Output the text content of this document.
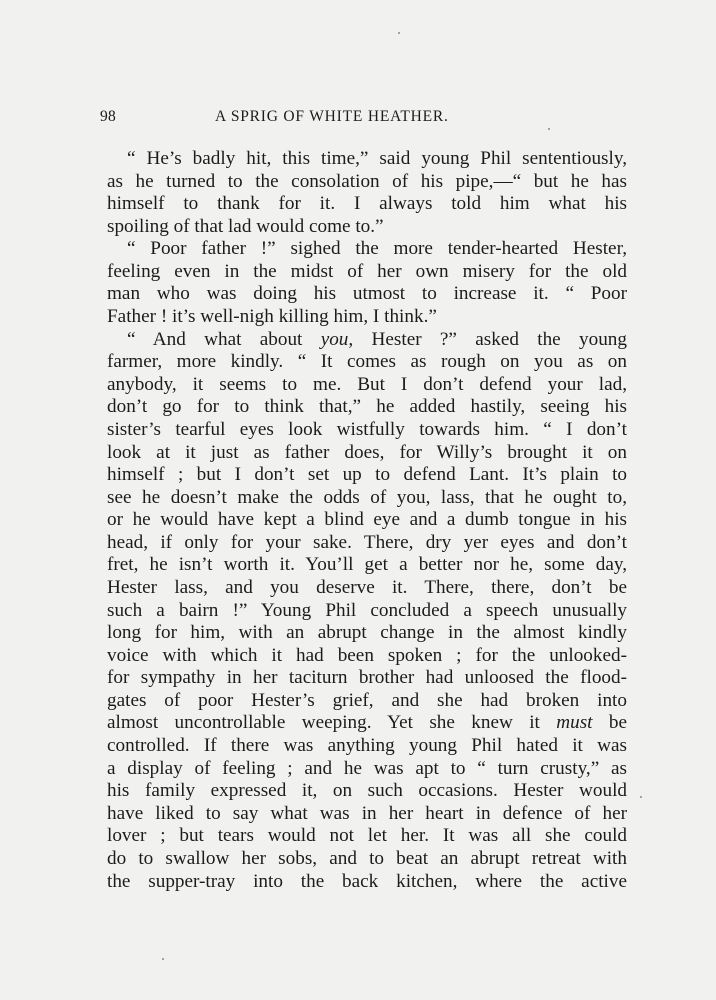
98	A SPRIG OF WHITE HEATHER.
“ He’s badly hit, this time,” said young Phil sententiously,
as he turned to the consolation of his pipe,—“ but he has
himself to thank for it. I always told him what his
spoiling of that lad would come to.”
“ Poor father !” sighed the more tender-hearted Hester,
feeling even in the midst of her own misery for the old
man who was doing his utmost to increase it. “ Poor
Father ! it’s well-nigh killing him, I think.”
“ And what about you, Hester ?” asked the young
farmer, more kindly. “ It comes as rough on you as on
anybody, it seems to me. But I don’t defend your lad,
don’t go for to think that,” he added hastily, seeing his
sister’s tearful eyes look wistfully towards him. “ I don’t
look at it just as father does, for Willy’s brought it on
himself ; but I don’t set up to defend Lant. It’s plain to
see he doesn’t make the odds of you, lass, that he ought to,
or he would have kept a blind eye and a dumb tongue in his
head, if only for your sake. There, dry yer eyes and don’t
fret, he isn’t worth it. You’ll get a better nor he, some day,
Hester lass, and you deserve it. There, there, don’t be
such a bairn !” Young Phil concluded a speech unusually
long for him, with an abrupt change in the almost kindly
voice with which it had been spoken ; for the unlooked-
for sympathy in her taciturn brother had unloosed the flood-
gates of poor Hester’s grief, and she had broken into
almost uncontrollable weeping. Yet she knew it must be
controlled. If there was anything young Phil hated it was
a display of feeling ; and he was apt to “ turn crusty,” as
his family expressed it, on such occasions. Hester would
have liked to say what was in her heart in defence of her
lover ; but tears would not let her. It was all she could
do to swallow her sobs, and to beat an abrupt retreat with
the supper-tray into the back kitchen, where the active
